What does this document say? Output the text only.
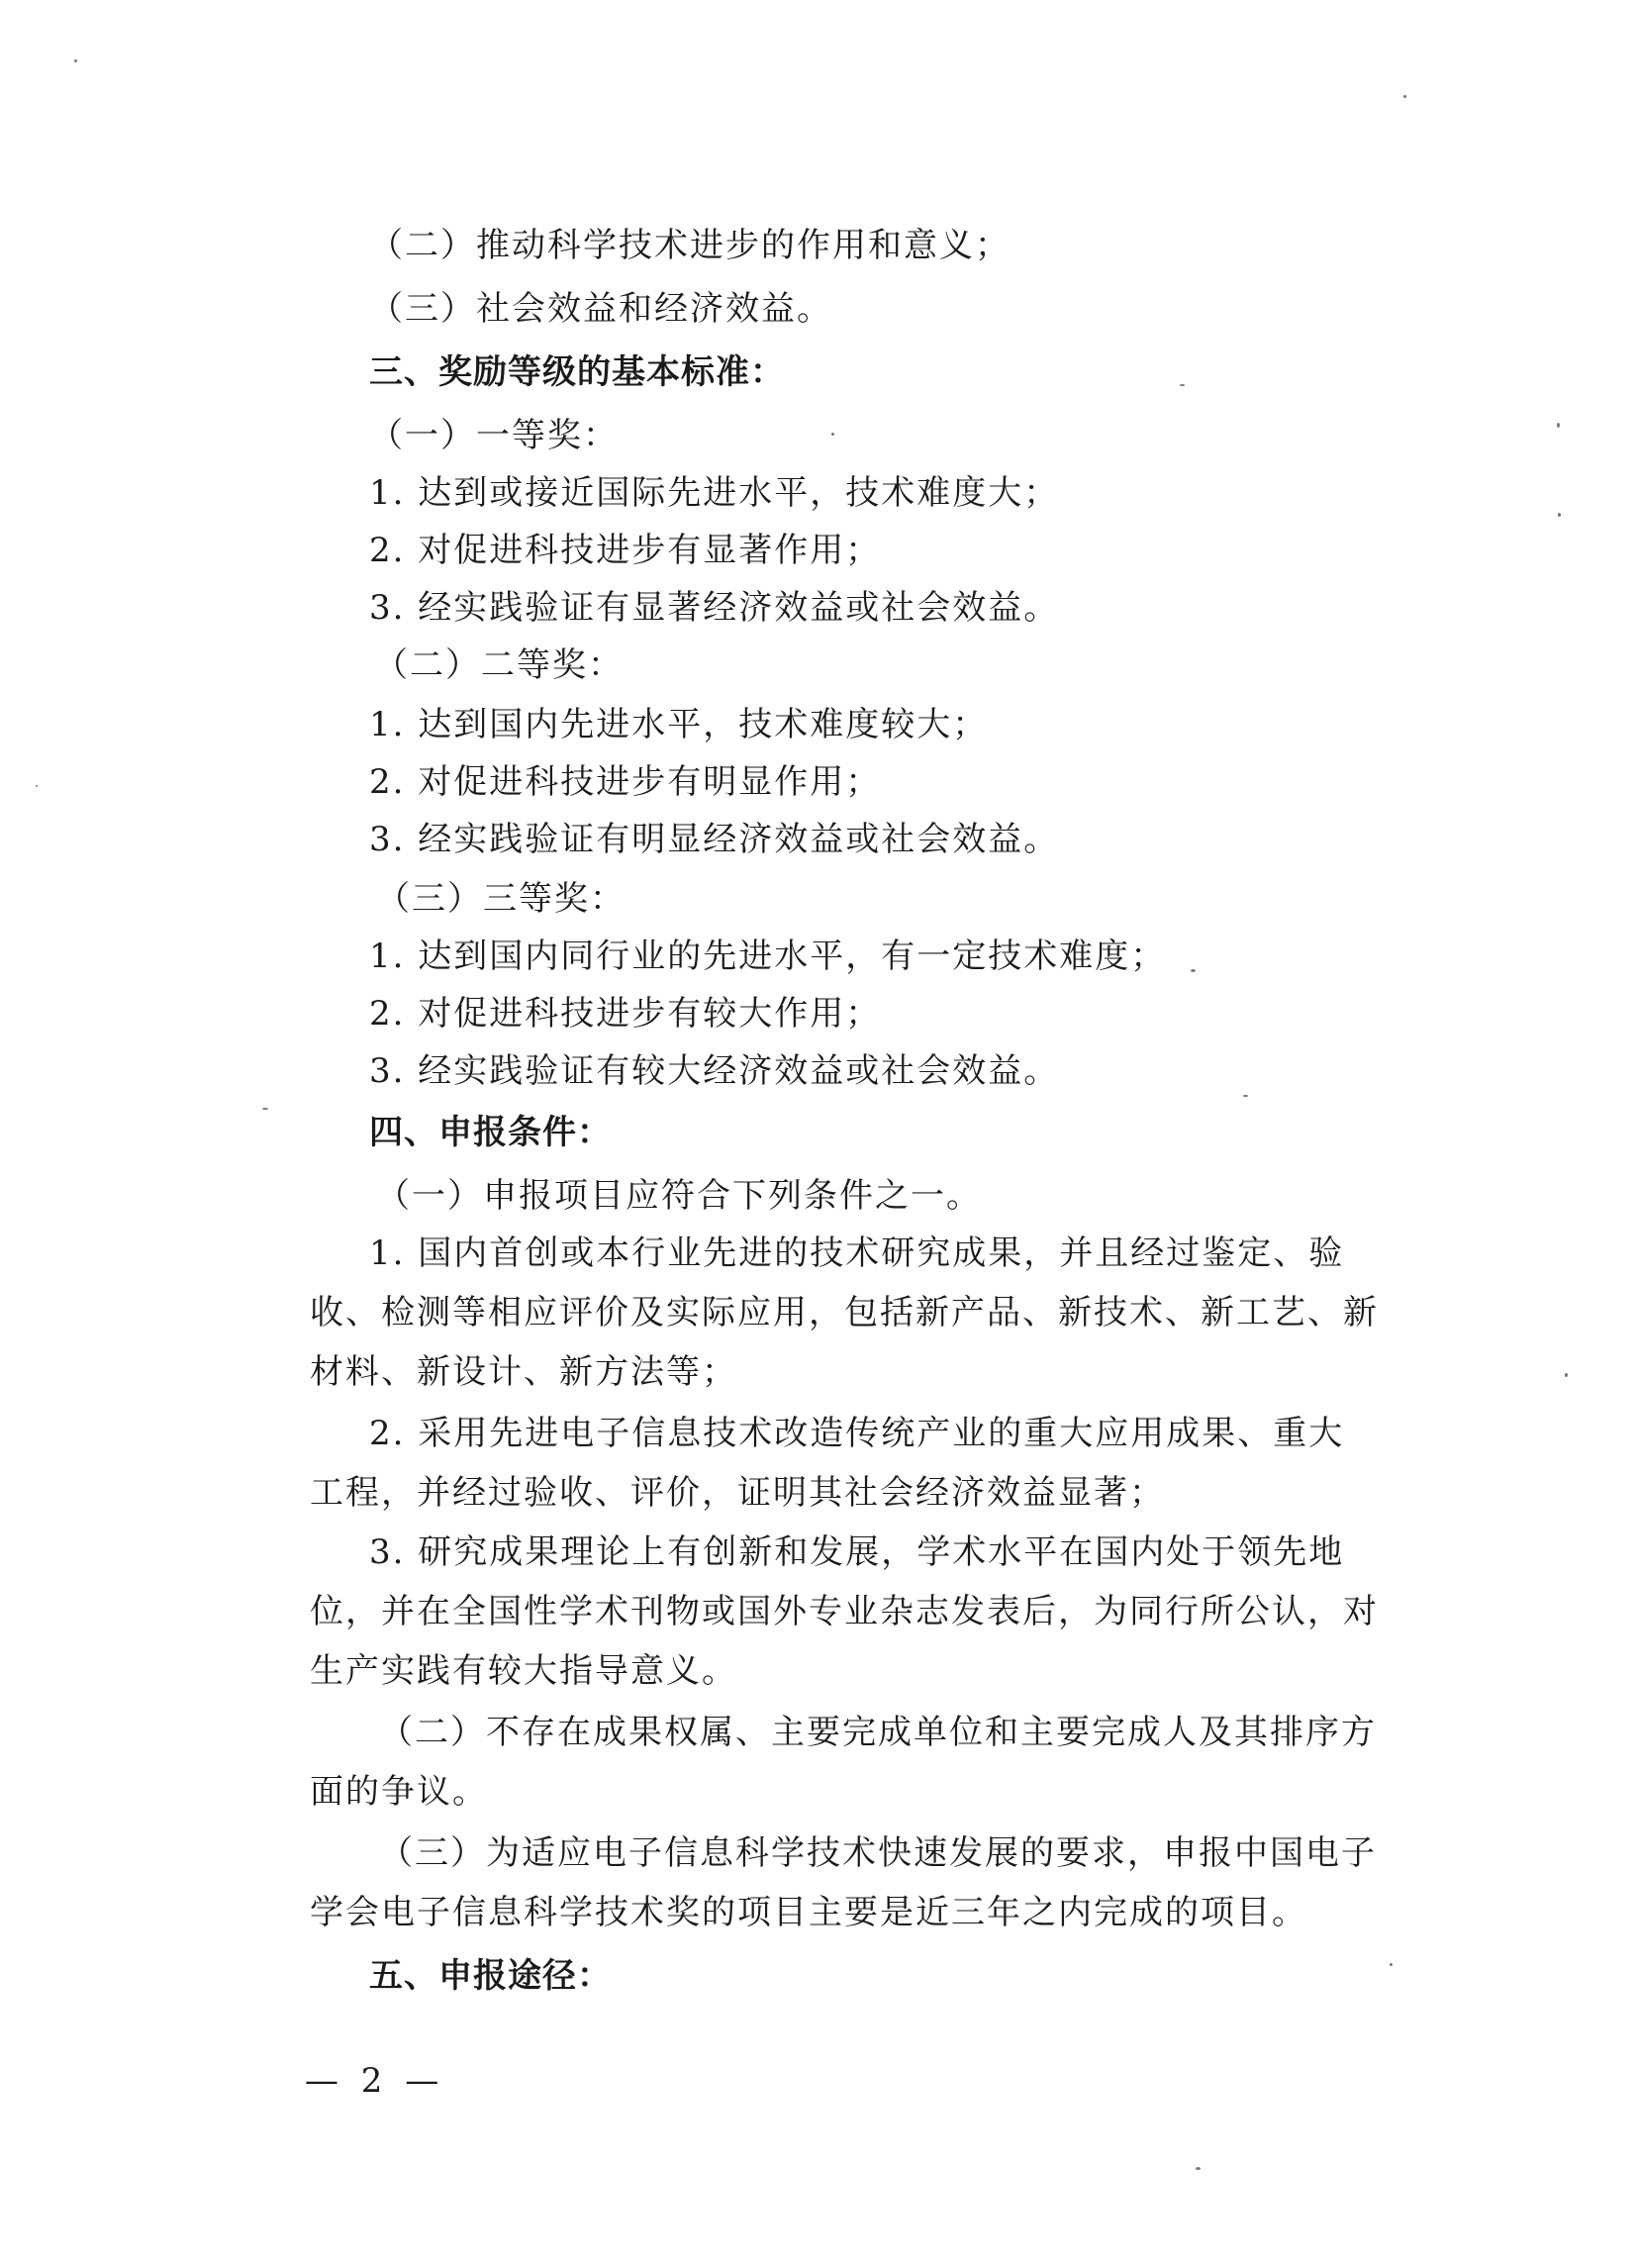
（二）推动科学技术进步的作用和意义；
（三）社会效益和经济效益。
三、奖励等级的基本标准：
（一）一等奖：
1. 达到或接近国际先进水平，技术难度大；
2. 对促进科技进步有显著作用；
3. 经实践验证有显著经济效益或社会效益。
（二）二等奖：
1. 达到国内先进水平，技术难度较大；
2. 对促进科技进步有明显作用；
3. 经实践验证有明显经济效益或社会效益。
（三）三等奖：
1. 达到国内同行业的先进水平，有一定技术难度；
2. 对促进科技进步有较大作用；
3. 经实践验证有较大经济效益或社会效益。
四、申报条件：
（一）申报项目应符合下列条件之一。
1. 国内首创或本行业先进的技术研究成果，并且经过鉴定、验
收、检测等相应评价及实际应用，包括新产品、新技术、新工艺、新
材料、新设计、新方法等；
2. 采用先进电子信息技术改造传统产业的重大应用成果、重大
工程，并经过验收、评价，证明其社会经济效益显著；
3. 研究成果理论上有创新和发展，学术水平在国内处于领先地
位，并在全国性学术刊物或国外专业杂志发表后，为同行所公认，对
生产实践有较大指导意义。
（二）不存在成果权属、主要完成单位和主要完成人及其排序方
面的争议。
（三）为适应电子信息科学技术快速发展的要求，申报中国电子
学会电子信息科学技术奖的项目主要是近三年之内完成的项目。
五、申报途径：
— 2 —
